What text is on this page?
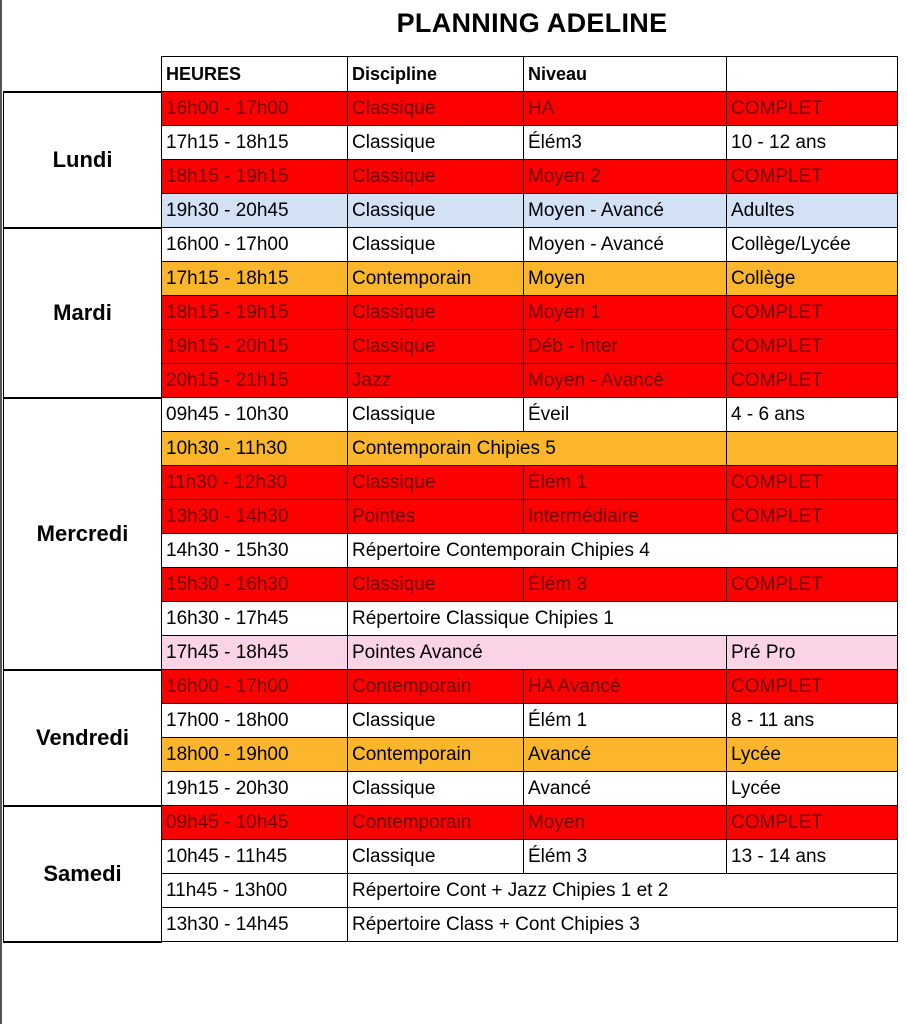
PLANNING ADELINE
	HEURES	Discipline	Niveau	
Lundi	16h00 - 17h00	Classique	HA	COMPLET
	17h15 - 18h15	Classique	Élém3	10 - 12 ans
	18h15 - 19h15	Classique	Moyen 2	COMPLET
	19h30 - 20h45	Classique	Moyen - Avancé	Adultes
Mardi	16h00 - 17h00	Classique	Moyen - Avancé	Collège/Lycée
	17h15 - 18h15	Contemporain	Moyen	Collège
	18h15 - 19h15	Classique	Moyen 1	COMPLET
	19h15 - 20h15	Classique	Déb - Inter	COMPLET
	20h15 - 21h15	Jazz	Moyen - Avancé	COMPLET
Mercredi	09h45 - 10h30	Classique	Éveil	4 - 6 ans
	10h30 - 11h30	Contemporain Chipies 5		
	11h30 - 12h30	Classique	Élém 1	COMPLET
	13h30 - 14h30	Pointes	Intermédiaire	COMPLET
	14h30 - 15h30	Répertoire Contemporain Chipies 4		
	15h30 - 16h30	Classique	Élém 3	COMPLET
	16h30 - 17h45	Répertoire Classique Chipies 1		
	17h45 - 18h45	Pointes Avancé		Pré Pro
Vendredi	16h00 - 17h00	Contemporain	HA Avancé	COMPLET
	17h00 - 18h00	Classique	Élém 1	8 - 11 ans
	18h00 - 19h00	Contemporain	Avancé	Lycée
	19h15 - 20h30	Classique	Avancé	Lycée
Samedi	09h45 - 10h45	Contemporain	Moyen	COMPLET
	10h45 - 11h45	Classique	Élém 3	13 - 14 ans
	11h45 - 13h00	Répertoire Cont + Jazz Chipies 1 et 2		
	13h30 - 14h45	Répertoire Class + Cont Chipies 3		
